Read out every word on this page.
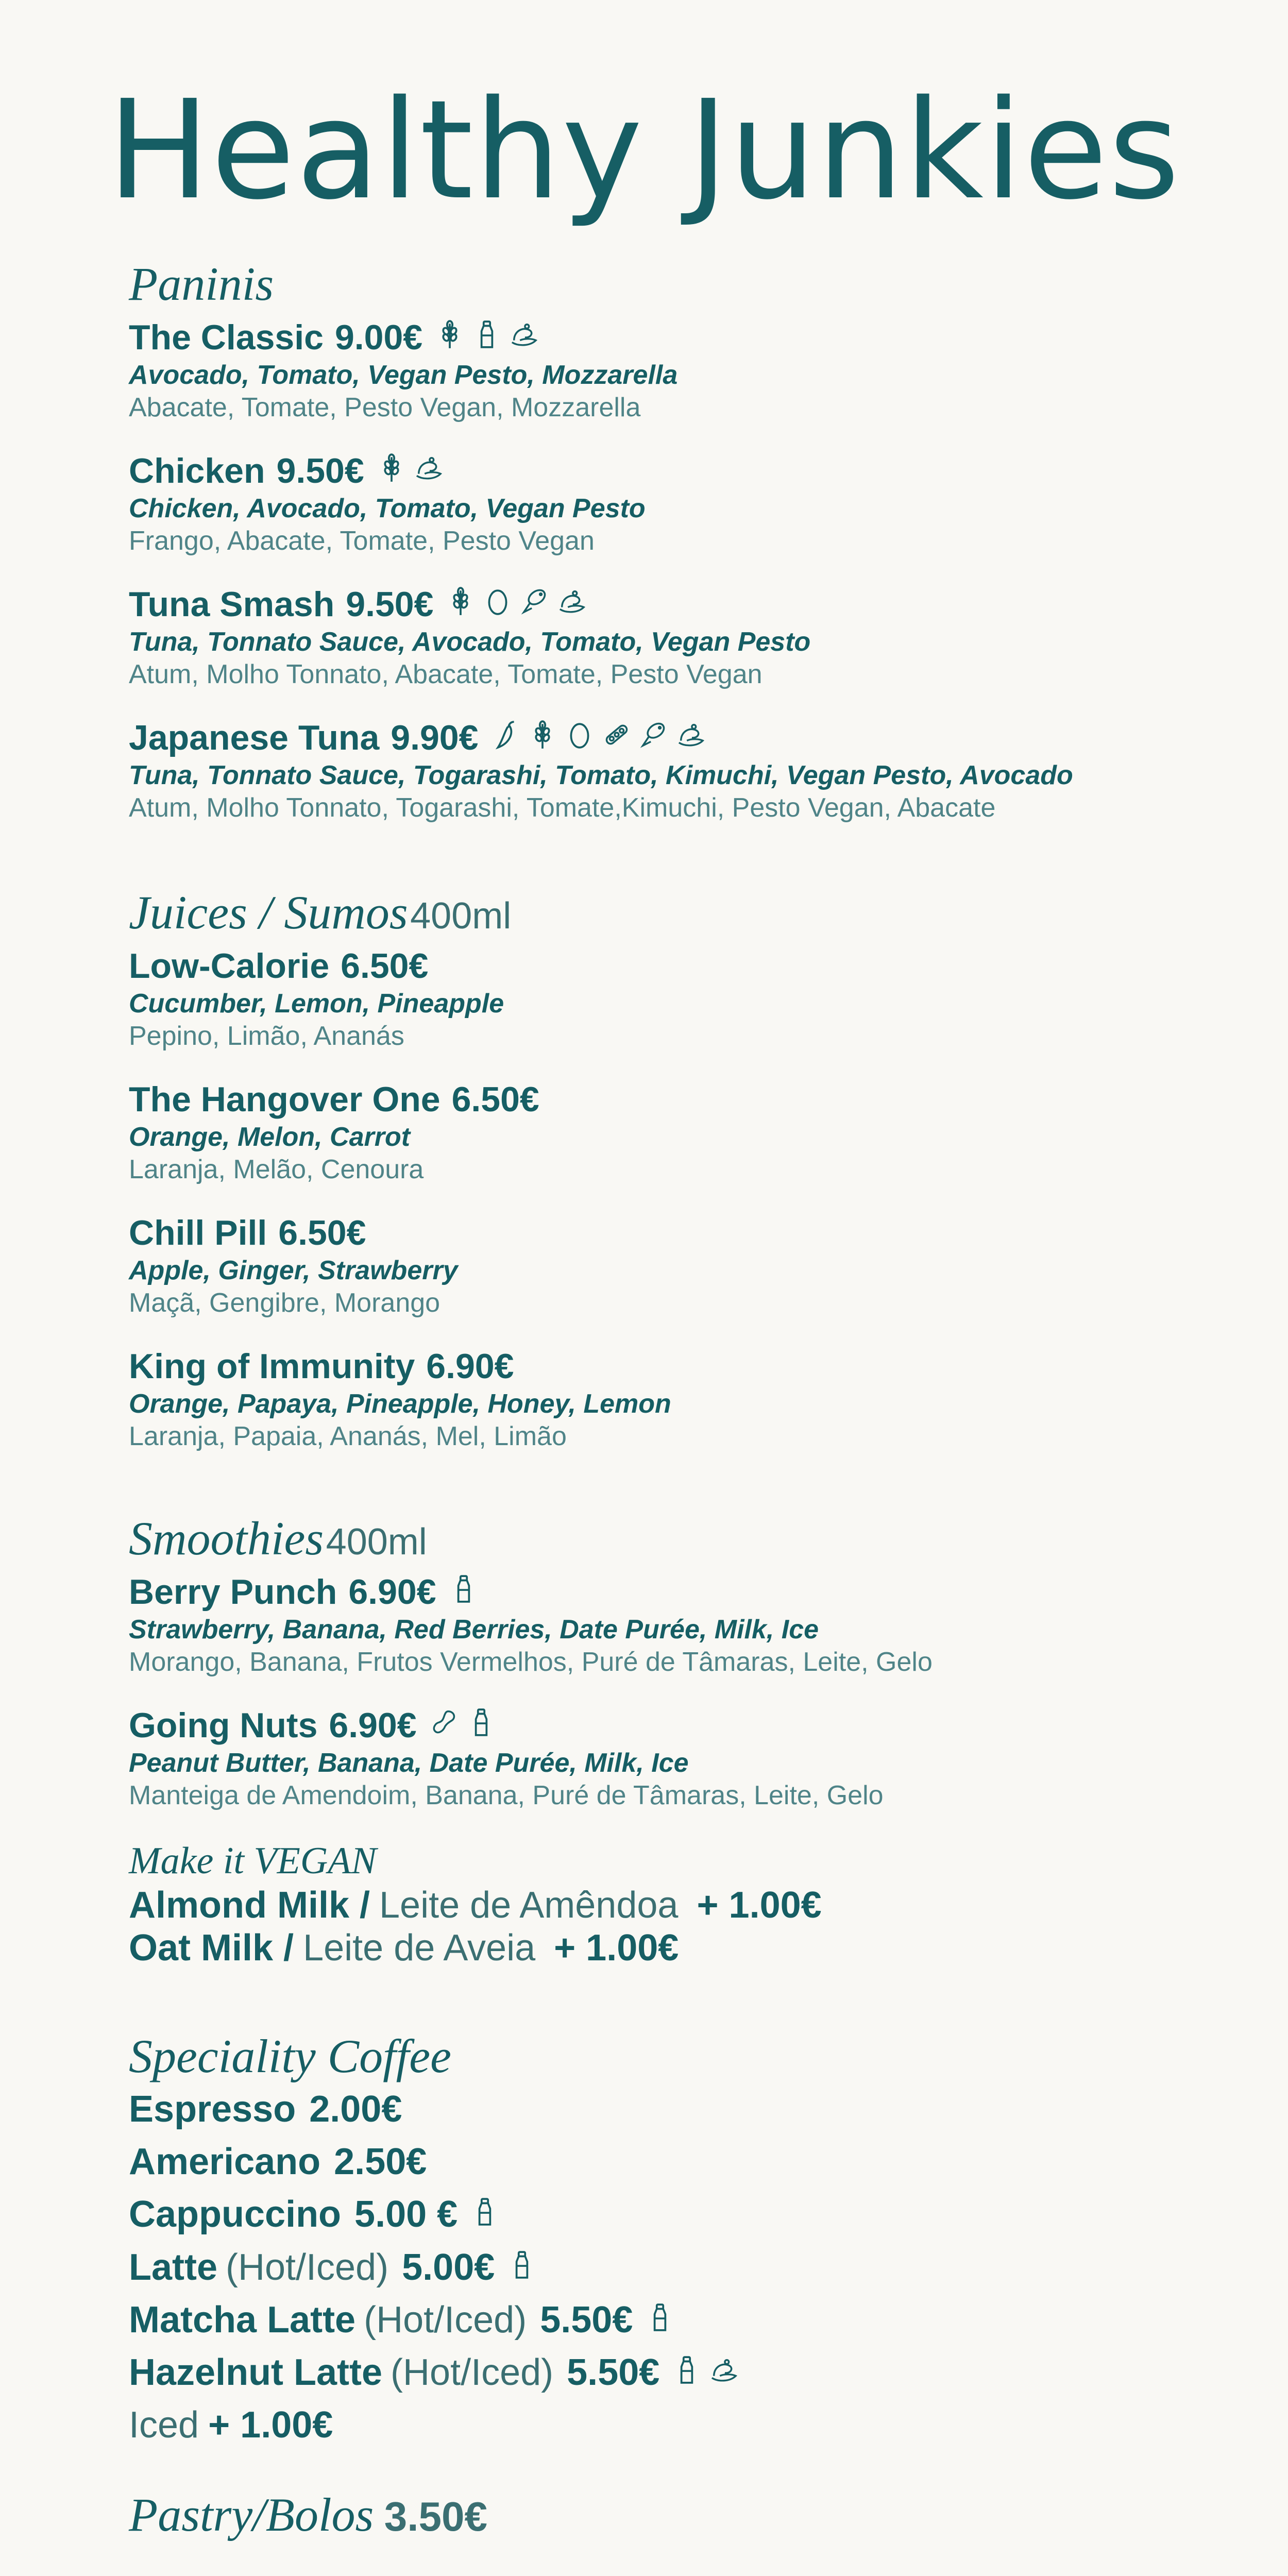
Healthy Junkies
Paninis
The Classic 9.00€
Avocado, Tomato, Vegan Pesto, Mozzarella
Abacate, Tomate, Pesto Vegan, Mozzarella
Chicken 9.50€
Chicken, Avocado, Tomato, Vegan Pesto
Frango, Abacate, Tomate, Pesto Vegan
Tuna Smash 9.50€
Tuna, Tonnato Sauce, Avocado, Tomato, Vegan Pesto
Atum, Molho Tonnato, Abacate, Tomate, Pesto Vegan
Japanese Tuna 9.90€
Tuna, Tonnato Sauce, Togarashi, Tomato, Kimuchi, Vegan Pesto, Avocado
Atum, Molho Tonnato, Togarashi, Tomate,Kimuchi, Pesto Vegan, Abacate
Juices / Sumos 400ml
Low-Calorie 6.50€
Cucumber, Lemon, Pineapple
Pepino, Limão, Ananás
The Hangover One 6.50€
Orange, Melon, Carrot
Laranja, Melão, Cenoura
Chill Pill 6.50€
Apple, Ginger, Strawberry
Maçã, Gengibre, Morango
King of Immunity 6.90€
Orange, Papaya, Pineapple, Honey, Lemon
Laranja, Papaia, Ananás, Mel, Limão
Smoothies 400ml
Berry Punch 6.90€
Strawberry, Banana, Red Berries, Date Purée, Milk, Ice
Morango, Banana, Frutos Vermelhos, Puré de Tâmaras, Leite, Gelo
Going Nuts 6.90€
Peanut Butter, Banana, Date Purée, Milk, Ice
Manteiga de Amendoim, Banana, Puré de Tâmaras, Leite, Gelo
Make it VEGAN
Almond Milk / Leite de Amêndoa + 1.00€
Oat Milk / Leite de Aveia + 1.00€
Speciality Coffee
Espresso 2.00€
Americano 2.50€
Cappuccino 5.00 €
Latte (Hot/Iced) 5.00€
Matcha Latte (Hot/Iced) 5.50€
Hazelnut Latte (Hot/Iced) 5.50€
Iced + 1.00€
Pastry/Bolos 3.50€
